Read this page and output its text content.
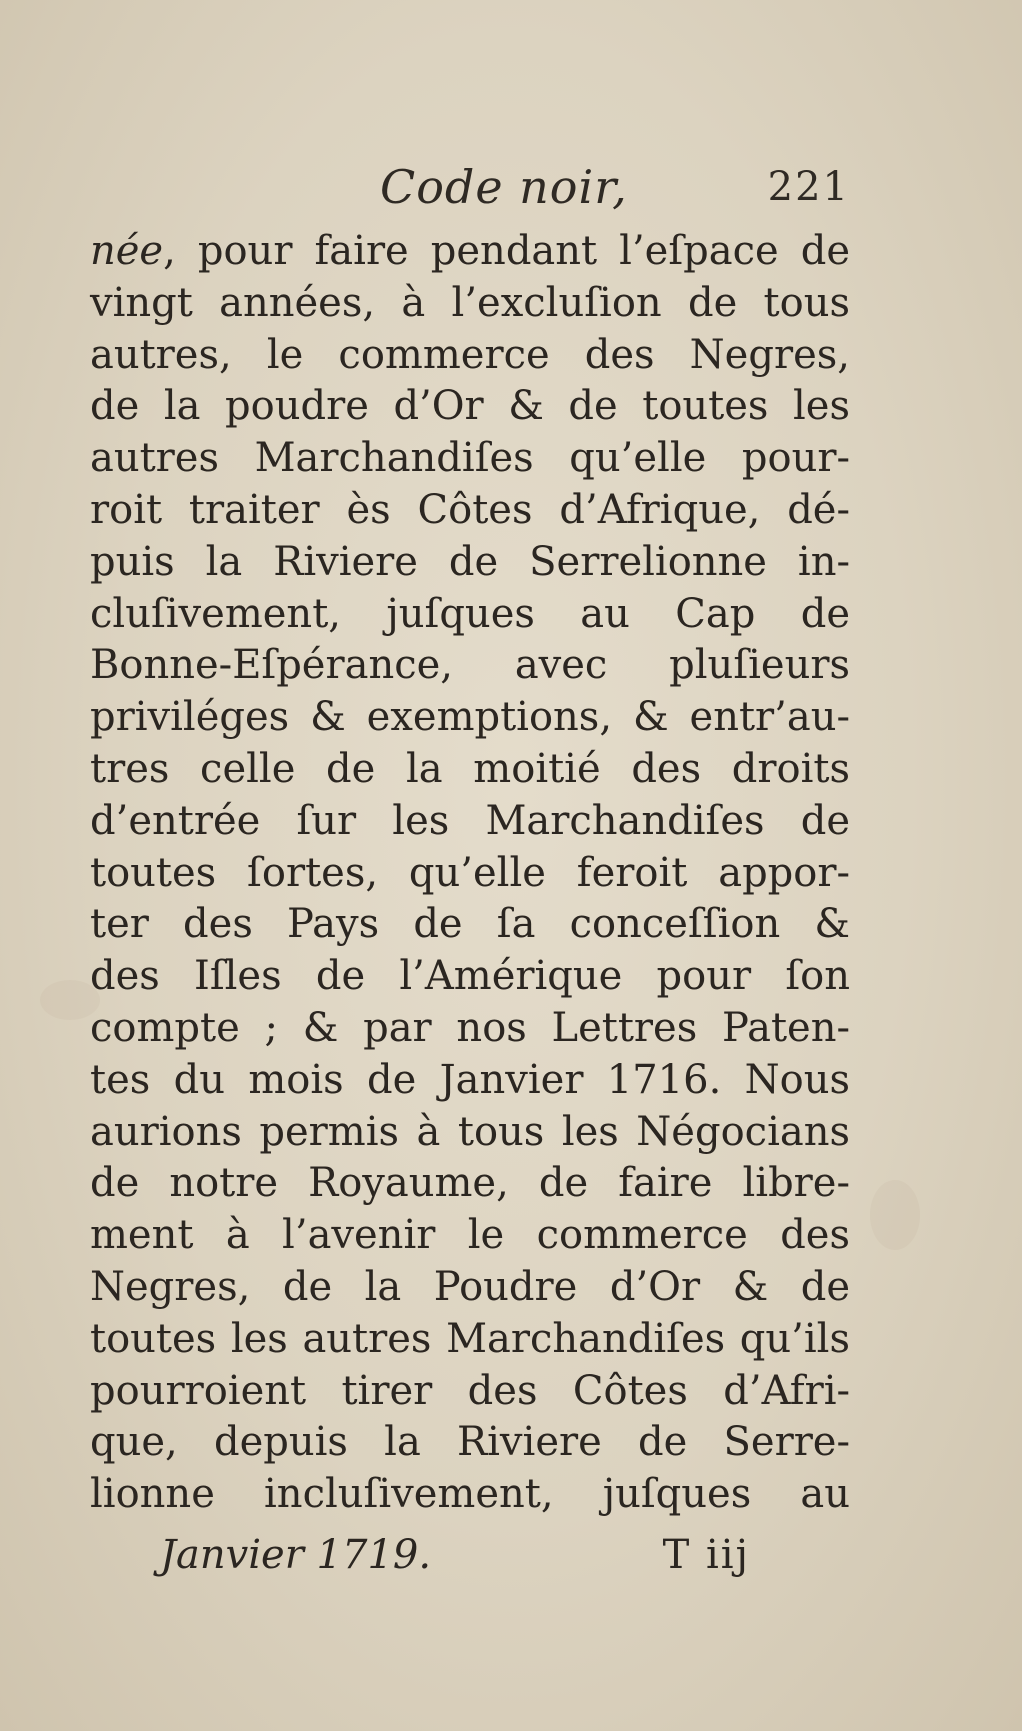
Code noir,	221
née, pour faire pendant l’eſpace de
vingt années, à l’excluſion de tous
autres, le commerce des Negres,
de la poudre d’Or & de toutes les
autres Marchandiſes qu’elle pour-
roit traiter ès Côtes d’Afrique, dé-
puis la Riviere de Serrelionne in-
cluſivement, juſques au Cap de
Bonne-Eſpérance, avec pluſieurs
priviléges & exemptions, & entr’au-
tres celle de la moitié des droits
d’entrée ſur les Marchandiſes de
toutes ſortes, qu’elle feroit appor-
ter des Pays de ſa conceſſion &
des Iſles de l’Amérique pour ſon
compte ; & par nos Lettres Paten-
tes du mois de Janvier 1716. Nous
aurions permis à tous les Négocians
de notre Royaume, de faire libre-
ment à l’avenir le commerce des
Negres, de la Poudre d’Or & de
toutes les autres Marchandiſes qu’ils
pourroient tirer des Côtes d’Afri-
que, depuis la Riviere de Serre-
lionne incluſivement, juſques au
Janvier 1719.	T iij
